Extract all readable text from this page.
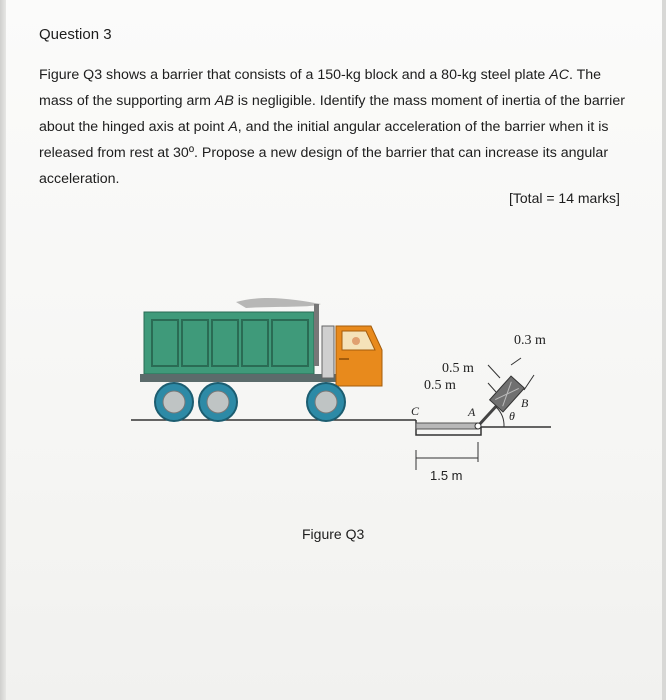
Question 3

Figure Q3 shows a barrier that consists of a 150-kg block and a 80-kg steel plate AC. The mass of the supporting arm AB is negligible. Identify the mass moment of inertia of the barrier about the hinged axis at point A, and the initial angular acceleration of the barrier when it is released from rest at 30º. Propose a new design of the barrier that can increase its angular acceleration.

[Total = 14 marks]
0.3 m
0.5 m
0.5 m
1.5 m
C	A
B
θ
Figure Q3
